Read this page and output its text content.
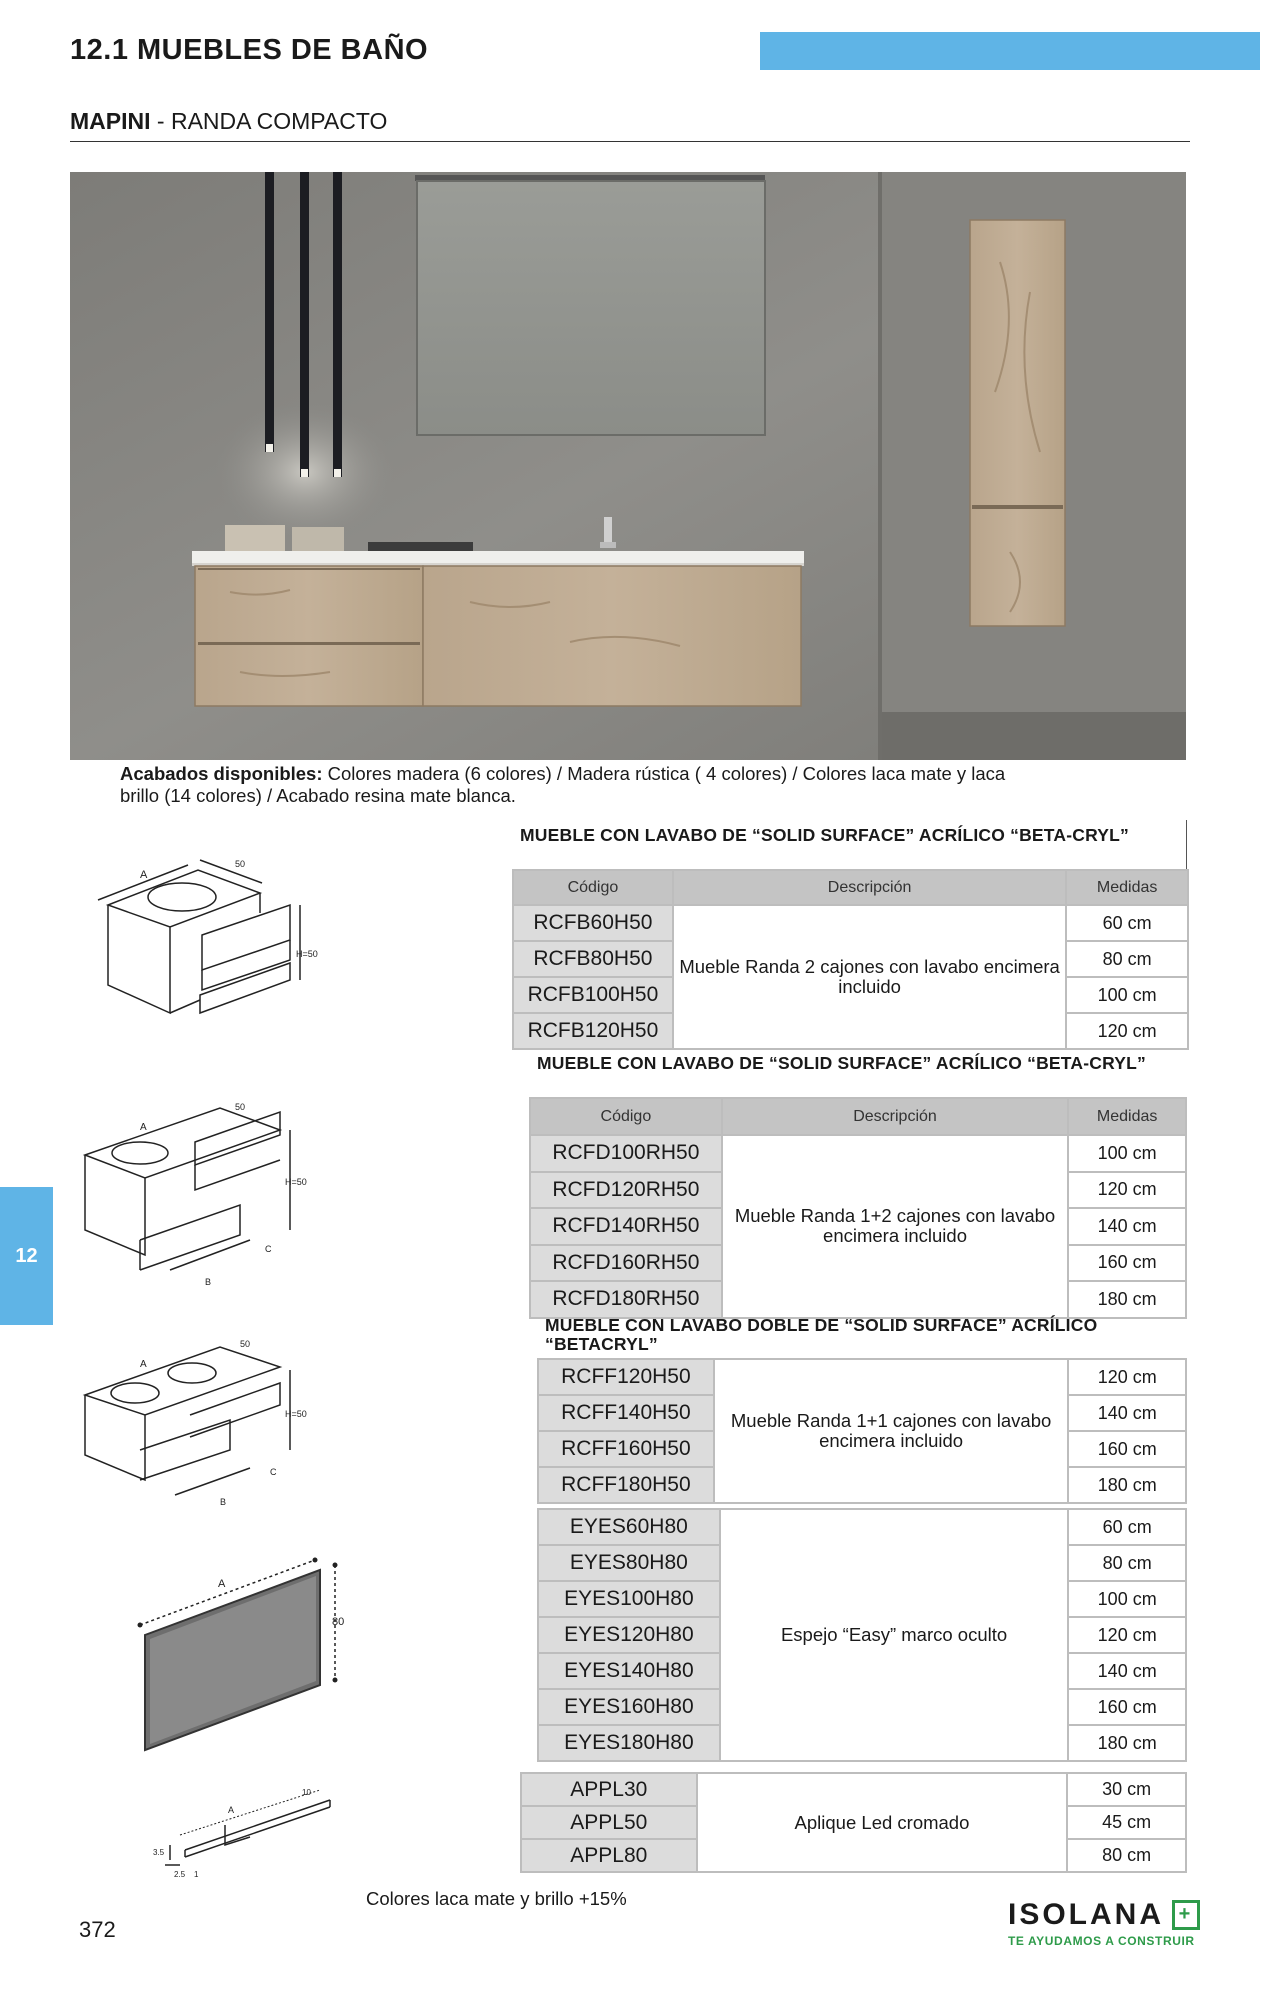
12.1 MUEBLES DE BAÑO
MAPINI - RANDA COMPACTO
Acabados disponibles: Colores madera (6 colores) / Madera rústica ( 4 colores) / Colores laca mate y laca brillo (14 colores) / Acabado resina mate blanca.
12
MUEBLE CON LAVABO DE “SOLID SURFACE” ACRÍLICO “BETA-CRYL”
Código	Descripción	Medidas
RCFB60H50	Mueble Randa 2 cajones con lavabo encimera incluido	60 cm
RCFB80H50		80 cm
RCFB100H50		100 cm
RCFB120H50		120 cm
MUEBLE CON LAVABO DE “SOLID SURFACE” ACRÍLICO “BETA-CRYL”
Código	Descripción	Medidas
RCFD100RH50	Mueble Randa 1+2 cajones con lavabo encimera incluido	100 cm
RCFD120RH50		120 cm
RCFD140RH50		140 cm
RCFD160RH50		160 cm
RCFD180RH50		180 cm
MUEBLE CON LAVABO DOBLE DE “SOLID SURFACE” ACRÍLICO “BETACRYL”
RCFF120H50	Mueble Randa 1+1 cajones con lavabo encimera incluido	120 cm
RCFF140H50		140 cm
RCFF160H50		160 cm
RCFF180H50		180 cm
EYES60H80	Espejo “Easy” marco oculto	60 cm
EYES80H80		80 cm
EYES100H80		100 cm
EYES120H80		120 cm
EYES140H80		140 cm
EYES160H80		160 cm
EYES180H80		180 cm
APPL30	Aplique Led cromado	30 cm
APPL50		45 cm
APPL80		80 cm
A
50
H=50
A
50
H=50
B
C
A
50
H=50
B
C
A
80
A
10
3.5
2.5 1
Colores laca mate y brillo +15%
372	ISOLANA +
TE AYUDAMOS A CONSTRUIR
